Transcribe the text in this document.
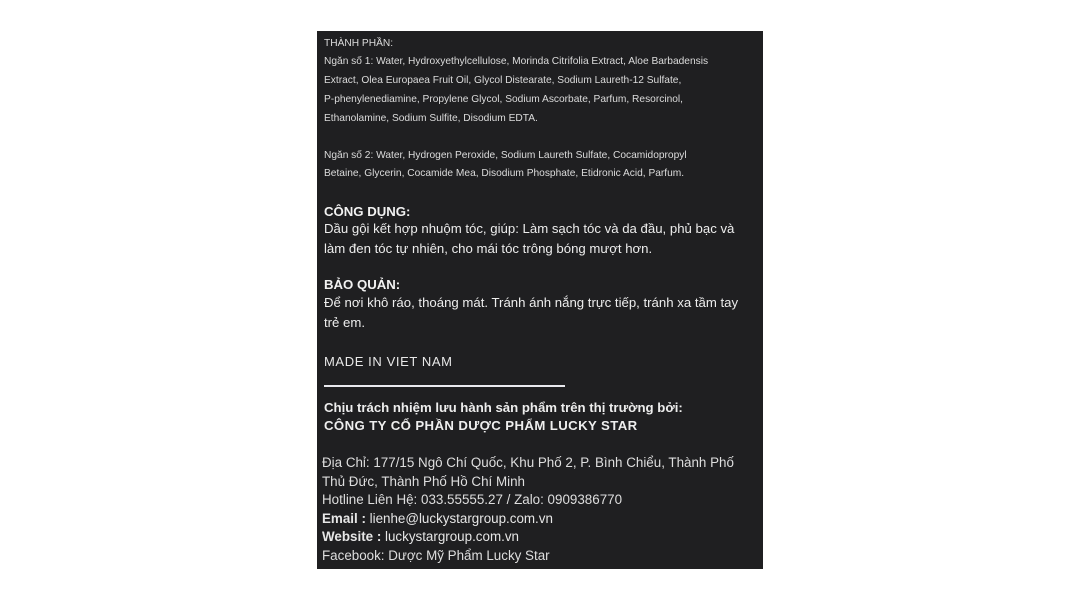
THÀNH PHẦN:
Ngăn số 1: Water, Hydroxyethylcellulose, Morinda Citrifolia Extract, Aloe Barbadensis
Extract, Olea Europaea Fruit Oil, Glycol Distearate, Sodium Laureth-12 Sulfate,
P-phenylenediamine, Propylene Glycol, Sodium Ascorbate, Parfum, Resorcinol,
Ethanolamine, Sodium Sulfite, Disodium EDTA.
Ngăn số 2: Water, Hydrogen Peroxide, Sodium Laureth Sulfate, Cocamidopropyl
Betaine, Glycerin, Cocamide Mea, Disodium Phosphate, Etidronic Acid, Parfum.
CÔNG DỤNG:
Dầu gội kết hợp nhuộm tóc, giúp: Làm sạch tóc và da đầu, phủ bạc và
làm đen tóc tự nhiên, cho mái tóc trông bóng mượt hơn.
BẢO QUẢN:
Để nơi khô ráo, thoáng mát. Tránh ánh nắng trực tiếp, tránh xa tầm tay
trẻ em.
MADE IN VIET NAM
Chịu trách nhiệm lưu hành sản phẩm trên thị trường bởi:
CÔNG TY CỔ PHẦN DƯỢC PHẨM LUCKY STAR
Địa Chỉ: 177/15 Ngô Chí Quốc, Khu Phố 2, P. Bình Chiểu, Thành Phố
Thủ Đức, Thành Phố Hồ Chí Minh
Hotline Liên Hệ: 033.55555.27 / Zalo: 0909386770
Email : lienhe@luckystargroup.com.vn
Website : luckystargroup.com.vn
Facebook: Dược Mỹ Phẩm Lucky Star
